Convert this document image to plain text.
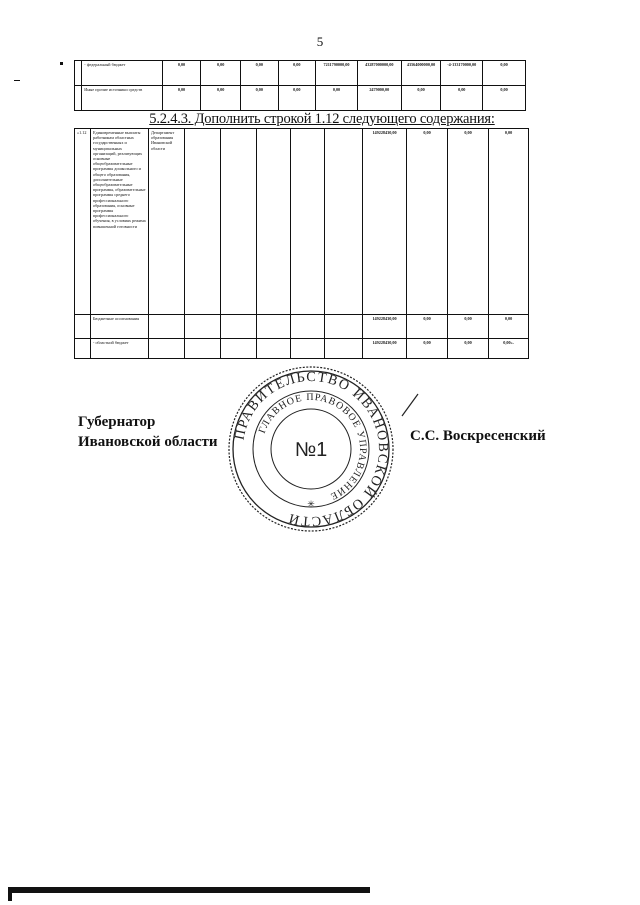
5
	- федеральный бюджет	0,00	0,00	0,00	0,00	7211790000,00	43287000000,00	43564000000,00	-4-133170000,00	0,00
	Иные прочие источники средств	0,00	0,00	0,00	0,00	0,00	2479000,00	0,00	0,00	0,00
5.2.4.3. Дополнить строкой 1.12 следующего содержания:
«1.12	Единовременные выплаты работникам областных государственных и муниципальных организаций, реализующих основные общеобразовательные программы дошкольного и общего образования, дополнительные общеобразовательные программы, образовательные программы среднего профессионального образования, основные программы профессионального обучения, в условиях режима повышенной готовности	Департамент образования Ивановской области						149228430,00	0,00	0,00	0,00
	Бюджетные ассигнования							149228430,00	0,00	0,00	0,00
	- областной бюджет							149228430,00	0,00	0,00	0,00».
Губернатор
Ивановской области	С.С. Воскресенский
ПРАВИТЕЛЬСТВО ИВАНОВСКОЙ ОБЛАСТИ
ГЛАВНОЕ ПРАВОВОЕ УПРАВЛЕНИЕ
№1
✳
